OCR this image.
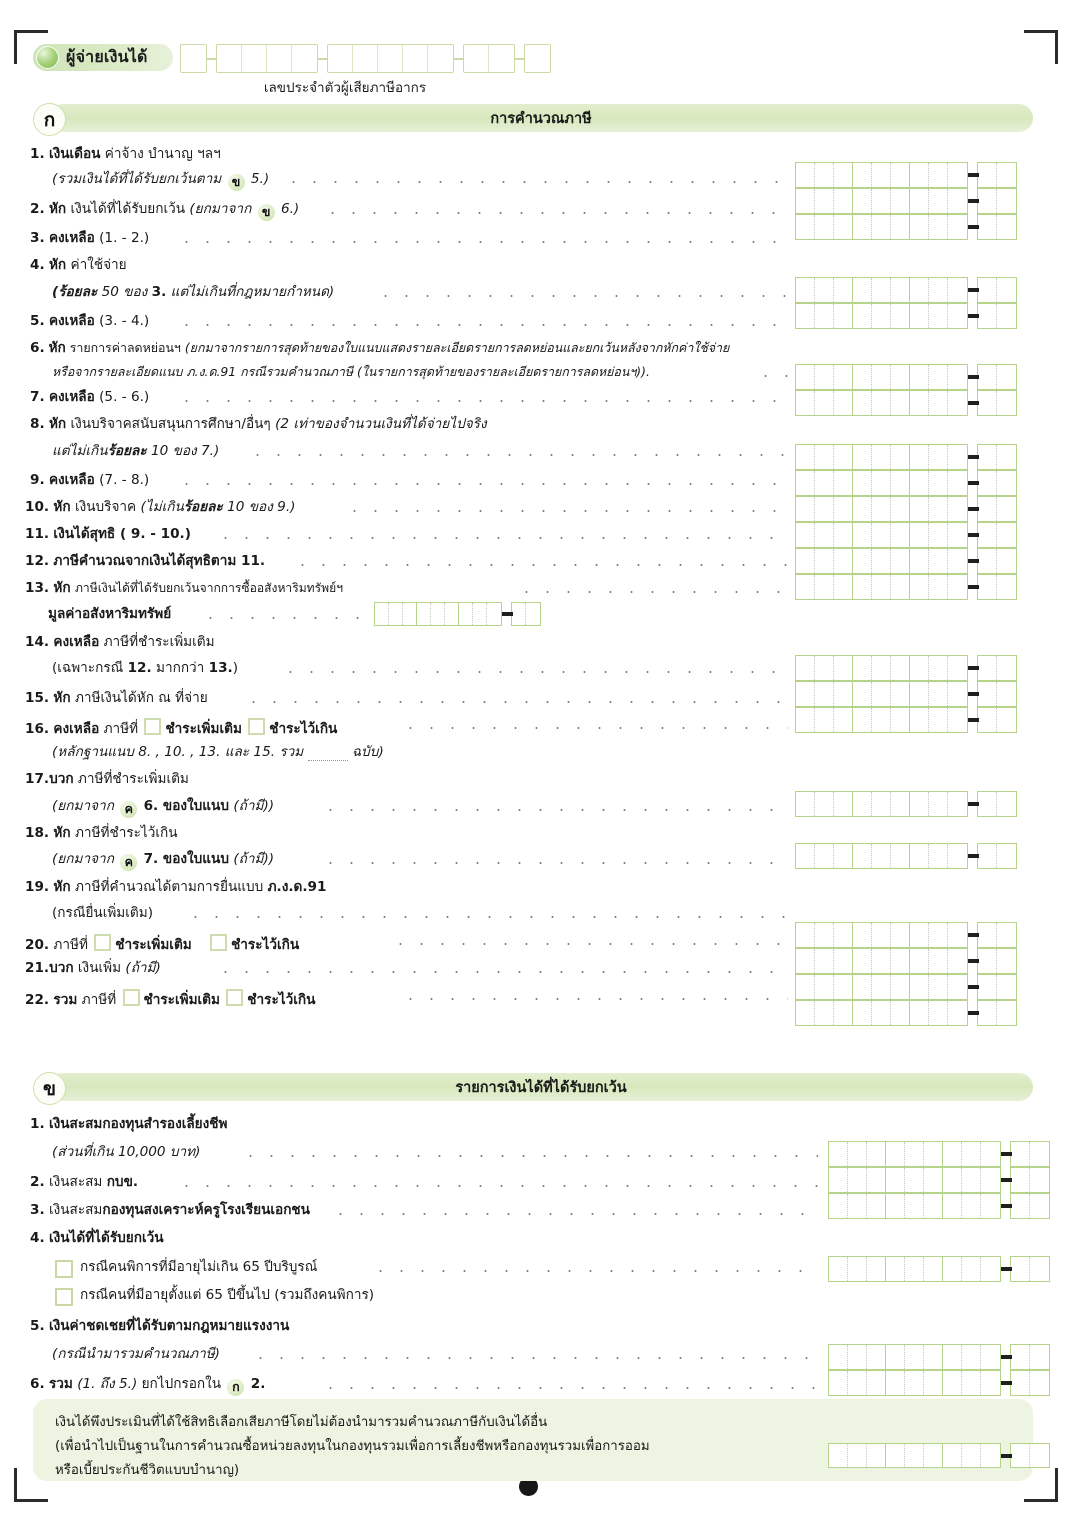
ผู้จ่ายเงินได้
เลขประจำตัวผู้เสียภาษีอากร
การคำนวณภาษี
ก
1. เงินเดือน ค่าจ้าง บำนาญ ฯลฯ
(รวมเงินได้ที่ได้รับยกเว้นตาม ข 5.)
2. หัก เงินได้ที่ได้รับยกเว้น (ยกมาจาก ข 6.)
3. คงเหลือ (1. - 2.)
4. หัก ค่าใช้จ่าย
(ร้อยละ 50 ของ 3. แต่ไม่เกินที่กฎหมายกำหนด)
5. คงเหลือ (3. - 4.)
6. หัก รายการค่าลดหย่อนฯ (ยกมาจากรายการสุดท้ายของใบแนบแสดงรายละเอียดรายการลดหย่อนและยกเว้นหลังจากหักค่าใช้จ่าย
หรือจากรายละเอียดแนบ ภ.ง.ด.91 กรณีรวมคำนวณภาษี (ในรายการสุดท้ายของรายละเอียดรายการลดหย่อนฯ)).
7. คงเหลือ (5. - 6.)
8. หัก เงินบริจาคสนับสนุนการศึกษา/อื่นๆ (2 เท่าของจำนวนเงินที่ได้จ่ายไปจริง
แต่ไม่เกินร้อยละ 10 ของ 7.)
9. คงเหลือ (7. - 8.)
10. หัก เงินบริจาค (ไม่เกินร้อยละ 10 ของ 9.)
11. เงินได้สุทธิ ( 9. - 10.)
12. ภาษีคำนวณจากเงินได้สุทธิตาม 11.
13. หัก ภาษีเงินได้ที่ได้รับยกเว้นจากการซื้ออสังหาริมทรัพย์ฯ
มูลค่าอสังหาริมทรัพย์
14. คงเหลือ ภาษีที่ชำระเพิ่มเติม
(เฉพาะกรณี 12. มากกว่า 13.)
15. หัก ภาษีเงินได้หัก ณ ที่จ่าย
16. คงเหลือ ภาษีที่ ชำระเพิ่มเติม ชำระไว้เกิน
(หลักฐานแนบ 8. , 10. , 13. และ 15. รวม	ฉบับ)
17.บวก ภาษีที่ชำระเพิ่มเติม
(ยกมาจาก ค 6. ของใบแนบ (ถ้ามี))
18. หัก ภาษีที่ชำระไว้เกิน
(ยกมาจาก ค 7. ของใบแนบ (ถ้ามี))
19. หัก ภาษีที่คำนวณได้ตามการยื่นแบบ ภ.ง.ด.91
(กรณียื่นเพิ่มเติม)
20. ภาษีที่ ชำระเพิ่มเติม	ชำระไว้เกิน
21.บวก เงินเพิ่ม (ถ้ามี)
22. รวม ภาษีที่ ชำระเพิ่มเติม ชำระไว้เกิน
รายการเงินได้ที่ได้รับยกเว้น
ข
1. เงินสะสมกองทุนสำรองเลี้ยงชีพ
(ส่วนที่เกิน 10,000 บาท)
2. เงินสะสม กบข.
3. เงินสะสมกองทุนสงเคราะห์ครูโรงเรียนเอกชน
4. เงินได้ที่ได้รับยกเว้น
กรณีคนพิการที่มีอายุไม่เกิน 65 ปีบริบูรณ์
กรณีคนที่มีอายุตั้งแต่ 65 ปีขึ้นไป (รวมถึงคนพิการ)
5. เงินค่าชดเชยที่ได้รับตามกฎหมายแรงงาน
(กรณีนำมารวมคำนวณภาษี)
6. รวม (1. ถึง 5.) ยกไปกรอกใน ก 2.
เงินได้พึงประเมินที่ได้ใช้สิทธิเลือกเสียภาษีโดยไม่ต้องนำมารวมคำนวณภาษีกับเงินได้อื่น
(เพื่อนำไปเป็นฐานในการคำนวณซื้อหน่วยลงทุนในกองทุนรวมเพื่อการเลี้ยงชีพหรือกองทุนรวมเพื่อการออม
หรือเบี้ยประกันชีวิตแบบบำนาญ)
